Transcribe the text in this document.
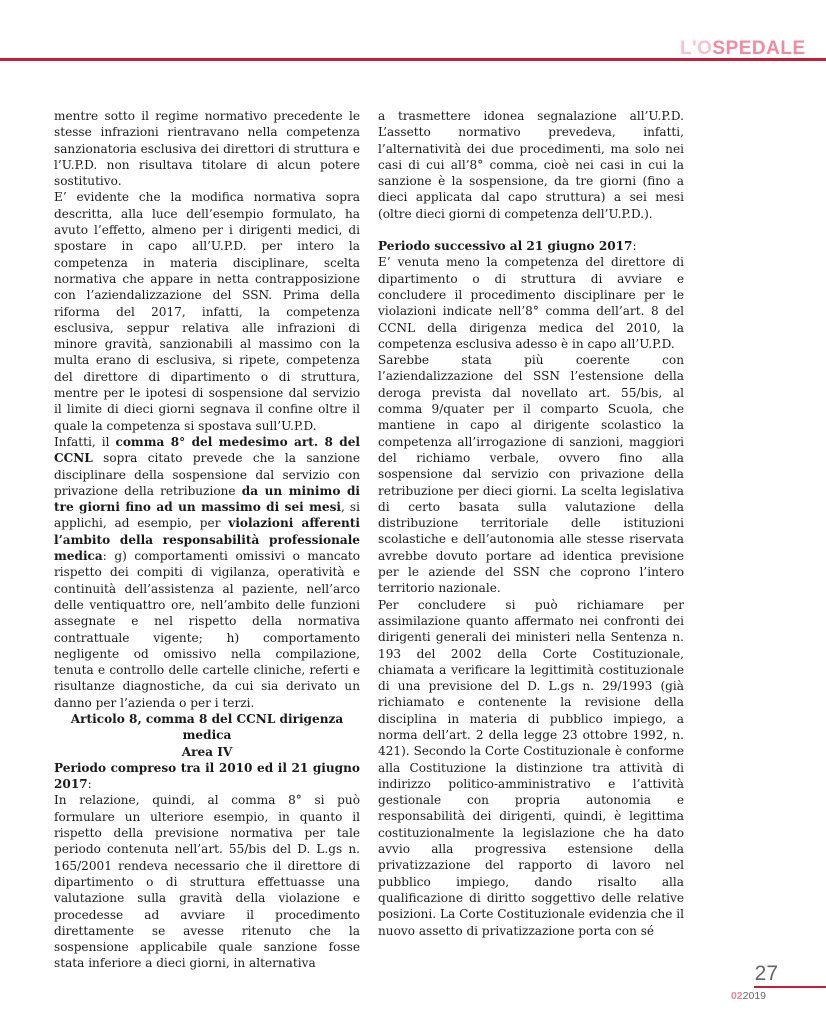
L'OSPEDALE

mentre sotto il regime normativo precedente le stesse infrazioni rientravano nella competenza sanzionatoria esclusiva dei direttori di struttura e l’U.P.D. non risultava titolare di alcun potere sostitutivo.

E’ evidente che la modifica normativa sopra descritta, alla luce dell’esempio formulato, ha avuto l’effetto, almeno per i dirigenti medici, di spostare in capo all’U.P.D. per intero la competenza in materia disciplinare, scelta normativa che appare in netta contrapposizione con l’aziendalizzazione del SSN. Prima della riforma del 2017, infatti, la competenza esclusiva, seppur relativa alle infrazioni di minore gravità, sanzionabili al massimo con la multa erano di esclusiva, si ripete, competenza del direttore di dipartimento o di struttura, mentre per le ipotesi di sospensione dal servizio il limite di dieci giorni segnava il confine oltre il quale la competenza si spostava sull’U.P.D.

Infatti, il comma 8° del medesimo art. 8 del CCNL sopra citato prevede che la sanzione disciplinare della sospensione dal servizio con privazione della retribuzione da un minimo di tre giorni fino ad un massimo di sei mesi, si applichi, ad esempio, per violazioni afferenti l’ambito della responsabilità professionale medica: g) comportamenti omissivi o mancato rispetto dei compiti di vigilanza, operatività e continuità dell’assistenza al paziente, nell’arco delle ventiquattro ore, nell’ambito delle funzioni assegnate e nel rispetto della normativa contrattuale vigente; h) comportamento negligente od omissivo nella compilazione, tenuta e controllo delle cartelle cliniche, referti e risultanze diagnostiche, da cui sia derivato un danno per l’azienda o per i terzi.

Articolo 8, comma 8 del CCNL dirigenza medica

Area IV

Periodo compreso tra il 2010 ed il 21 giugno 2017:

In relazione, quindi, al comma 8° si può formulare un ulteriore esempio, in quanto il rispetto della previsione normativa per tale periodo contenuta nell’art. 55/bis del D. L.gs n. 165/2001 rendeva necessario che il direttore di dipartimento o di struttura effettuasse una valutazione sulla gravità della violazione e procedesse ad avviare il procedimento direttamente se avesse ritenuto che la sospensione applicabile quale sanzione fosse stata inferiore a dieci giorni, in alternativa

a trasmettere idonea segnalazione all’U.P.D. L’assetto normativo prevedeva, infatti, l’alternatività dei due procedimenti, ma solo nei casi di cui all’8° comma, cioè nei casi in cui la sanzione è la sospensione, da tre giorni (fino a dieci applicata dal capo struttura) a sei mesi (oltre dieci giorni di competenza dell’U.P.D.).

Periodo successivo al 21 giugno 2017:

E’ venuta meno la competenza del direttore di dipartimento o di struttura di avviare e concludere il procedimento disciplinare per le violazioni indicate nell’8° comma dell’art. 8 del CCNL della dirigenza medica del 2010, la competenza esclusiva adesso è in capo all’U.P.D.

Sarebbe stata più coerente con l’aziendalizzazione del SSN l’estensione della deroga prevista dal novellato art. 55/bis, al comma 9/quater per il comparto Scuola, che mantiene in capo al dirigente scolastico la competenza all’irrogazione di sanzioni, maggiori del richiamo verbale, ovvero fino alla sospensione dal servizio con privazione della retribuzione per dieci giorni. La scelta legislativa di certo basata sulla valutazione della distribuzione territoriale delle istituzioni scolastiche e dell’autonomia alle stesse riservata avrebbe dovuto portare ad identica previsione per le aziende del SSN che coprono l’intero territorio nazionale.

Per concludere si può richiamare per assimilazione quanto affermato nei confronti dei dirigenti generali dei ministeri nella Sentenza n. 193 del 2002 della Corte Costituzionale, chiamata a verificare la legittimità costituzionale di una previsione del D. L.gs n. 29/1993 (già richiamato e contenente la revisione della disciplina in materia di pubblico impiego, a norma dell’art. 2 della legge 23 ottobre 1992, n. 421). Secondo la Corte Costituzionale è conforme alla Costituzione la distinzione tra attività di indirizzo politico-amministrativo e l’attività gestionale con propria autonomia e responsabilità dei dirigenti, quindi, è legittima costituzionalmente la legislazione che ha dato avvio alla progressiva estensione della privatizzazione del rapporto di lavoro nel pubblico impiego, dando risalto alla qualificazione di diritto soggettivo delle relative posizioni. La Corte Costituzionale evidenzia che il nuovo assetto di privatizzazione porta con sé

27
022019
